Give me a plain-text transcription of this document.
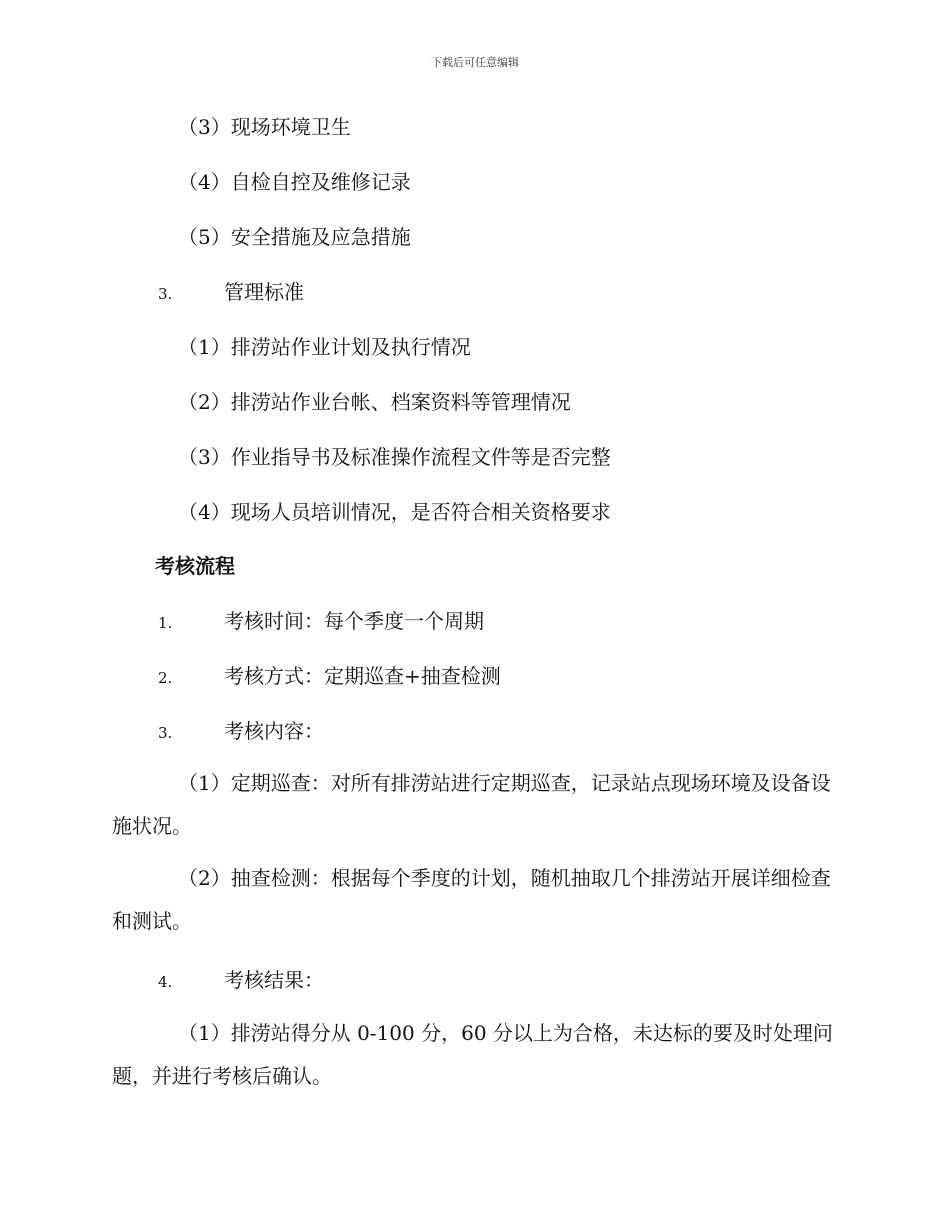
下载后可任意编辑
（3）现场环境卫生
（4）自检自控及维修记录
（5）安全措施及应急措施
3.	管理标准
（1）排涝站作业计划及执行情况
（2）排涝站作业台帐、档案资料等管理情况
（3）作业指导书及标准操作流程文件等是否完整
（4）现场人员培训情况，是否符合相关资格要求
考核流程
1.	考核时间：每个季度一个周期
2.	考核方式：定期巡查+抽查检测
3.	考核内容：

（1）定期巡查：对所有排涝站进行定期巡查，记录站点现场环境及设备设施状况。

（2）抽查检测：根据每个季度的计划，随机抽取几个排涝站开展详细检查和测试。

4.	考核结果：

（1）排涝站得分从 0-100 分，60 分以上为合格，未达标的要及时处理问题，并进行考核后确认。
